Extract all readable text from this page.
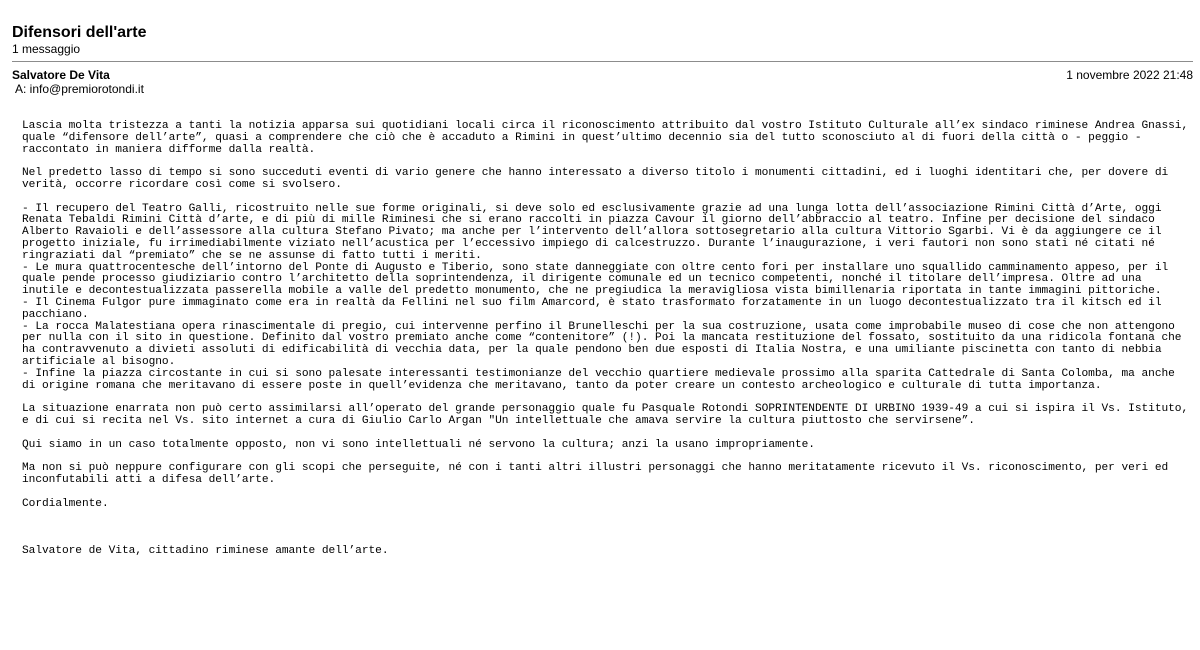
Difensori dell'arte
1 messaggio
Salvatore De Vita	1 novembre 2022 21:48
A: info@premiorotondi.it

Lascia molta tristezza a tanti la notizia apparsa sui quotidiani locali circa il riconoscimento attribuito dal vostro Istituto Culturale all’ex sindaco riminese Andrea Gnassi, quale “difensore dell’arte”, quasi a comprendere che ciò che è accaduto a Rimini in quest’ultimo decennio sia del tutto sconosciuto al di fuori della città o - peggio - raccontato in maniera difforme dalla realtà.

Nel predetto lasso di tempo si sono succeduti eventi di vario genere che hanno interessato a diverso titolo i monumenti cittadini, ed i luoghi identitari che, per dovere di verità, occorre ricordare così come si svolsero.

- Il recupero del Teatro Galli, ricostruito nelle sue forme originali, si deve solo ed esclusivamente grazie ad una lunga lotta dell’associazione Rimini Città d’Arte, oggi Renata Tebaldi Rimini Città d’arte, e di più di mille Riminesi che si erano raccolti in piazza Cavour il giorno dell’abbraccio al teatro. Infine per decisione del sindaco Alberto Ravaioli e dell’assessore alla cultura Stefano Pivato; ma anche per l’intervento dell’allora sottosegretario alla cultura Vittorio Sgarbi. Vi è da aggiungere ce il progetto iniziale, fu irrimediabilmente viziato nell’acustica per l’eccessivo impiego di calcestruzzo. Durante l’inaugurazione, i veri fautori non sono stati né citati né ringraziati dal “premiato” che se ne assunse di fatto tutti i meriti.
- Le mura quattrocentesche dell’intorno del Ponte di Augusto e Tiberio, sono state danneggiate con oltre cento fori per installare uno squallido camminamento appeso, per il quale pende processo giudiziario contro l’architetto della soprintendenza, il dirigente comunale ed un tecnico competenti, nonché il titolare dell’impresa. Oltre ad una inutile e decontestualizzata passerella mobile a valle del predetto monumento, che ne pregiudica la meravigliosa vista bimillenaria riportata in tante immagini pittoriche.
- Il Cinema Fulgor pure immaginato come era in realtà da Fellini nel suo film Amarcord, è stato trasformato forzatamente in un luogo decontestualizzato tra il kitsch ed il pacchiano.
- La rocca Malatestiana opera rinascimentale di pregio, cui intervenne perfino il Brunelleschi per la sua costruzione, usata come improbabile museo di cose che non attengono per nulla con il sito in questione. Definito dal vostro premiato anche come “contenitore” (!). Poi la mancata restituzione del fossato, sostituito da una ridicola fontana che ha contravvenuto a divieti assoluti di edificabilità di vecchia data, per la quale pendono ben due esposti di Italia Nostra, e una umiliante piscinetta con tanto di nebbia artificiale al bisogno.
- Infine la piazza circostante in cui si sono palesate interessanti testimonianze del vecchio quartiere medievale prossimo alla sparita Cattedrale di Santa Colomba, ma anche di origine romana che meritavano di essere poste in quell’evidenza che meritavano, tanto da poter creare un contesto archeologico e culturale di tutta importanza.

La situazione enarrata non può certo assimilarsi all’operato del grande personaggio quale fu Pasquale Rotondi SOPRINTENDENTE DI URBINO 1939-49 a cui si ispira il Vs. Istituto, e di cui si recita nel Vs. sito internet a cura di Giulio Carlo Argan "Un intellettuale che amava servire la cultura piuttosto che servirsene”.

Qui siamo in un caso totalmente opposto, non vi sono intellettuali né servono la cultura; anzi la usano impropriamente.

Ma non si può neppure configurare con gli scopi che perseguite, né con i tanti altri illustri personaggi che hanno meritatamente ricevuto il Vs. riconoscimento, per veri ed inconfutabili atti a difesa dell’arte.

Cordialmente.

Salvatore de Vita, cittadino riminese amante dell’arte.
